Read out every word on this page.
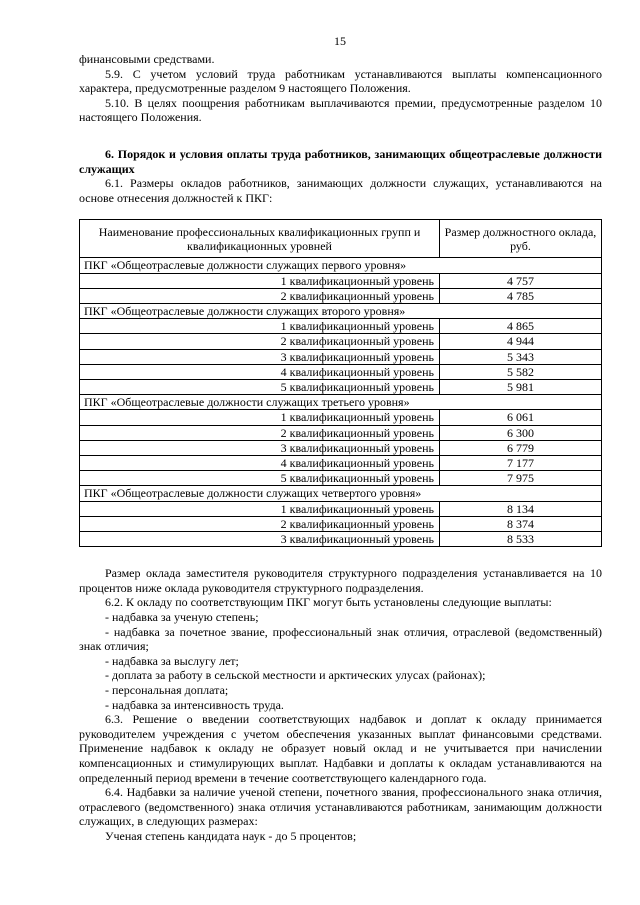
15

финансовыми средствами.

5.9. С учетом условий труда работникам устанавливаются выплаты компенсационного характера, предусмотренные разделом 9 настоящего Положения.

5.10. В целях поощрения работникам выплачиваются премии, предусмотренные разделом 10 настоящего Положения.

6. Порядок и условия оплаты труда работников, занимающих общеотраслевые должности служащих

6.1. Размеры окладов работников, занимающих должности служащих, устанавливаются на основе отнесения должностей к ПКГ:

Наименование профессиональных квалификационных групп и квалификационных уровней	Размер должностного оклада, руб.
ПКГ «Общеотраслевые должности служащих первого уровня»	
1 квалификационный уровень	4 757
2 квалификационный уровень	4 785
ПКГ «Общеотраслевые должности служащих второго уровня»	
1 квалификационный уровень	4 865
2 квалификационный уровень	4 944
3 квалификационный уровень	5 343
4 квалификационный уровень	5 582
5 квалификационный уровень	5 981
ПКГ «Общеотраслевые должности служащих третьего уровня»	
1 квалификационный уровень	6 061
2 квалификационный уровень	6 300
3 квалификационный уровень	6 779
4 квалификационный уровень	7 177
5 квалификационный уровень	7 975
ПКГ «Общеотраслевые должности служащих четвертого уровня»	
1 квалификационный уровень	8 134
2 квалификационный уровень	8 374
3 квалификационный уровень	8 533

Размер оклада заместителя руководителя структурного подразделения устанавливается на 10 процентов ниже оклада руководителя структурного подразделения.

6.2. К окладу по соответствующим ПКГ могут быть установлены следующие выплаты:

- надбавка за ученую степень;

- надбавка за почетное звание, профессиональный знак отличия, отраслевой (ведомственный) знак отличия;

- надбавка за выслугу лет;

- доплата за работу в сельской местности и арктических улусах (районах);

- персональная доплата;

- надбавка за интенсивность труда.

6.3. Решение о введении соответствующих надбавок и доплат к окладу принимается руководителем учреждения с учетом обеспечения указанных выплат финансовыми средствами. Применение надбавок к окладу не образует новый оклад и не учитывается при начислении компенсационных и стимулирующих выплат. Надбавки и доплаты к окладам устанавливаются на определенный период времени в течение соответствующего календарного года.

6.4. Надбавки за наличие ученой степени, почетного звания, профессионального знака отличия, отраслевого (ведомственного) знака отличия устанавливаются работникам, занимающим должности служащих, в следующих размерах:

Ученая степень кандидата наук - до 5 процентов;
